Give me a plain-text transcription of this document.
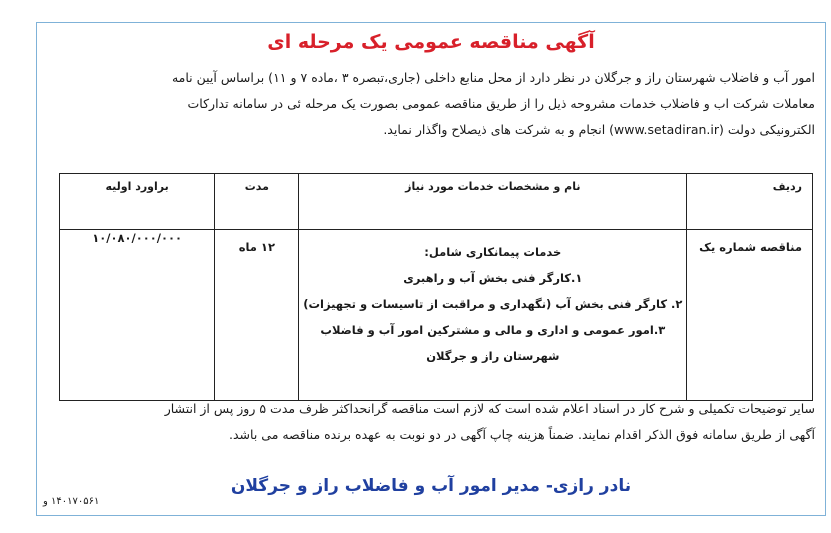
آگهی مناقصه عمومی یک مرحله ای
امور آب و فاضلاب شهرستان راز و جرگلان در نظر دارد از محل منابع داخلی (جاری،تبصره ۳ ،ماده ۷ و ۱۱) براساس آیین نامه
معاملات شرکت اب و فاضلاب خدمات مشروحه ذیل را از طریق مناقصه عمومی بصورت یک مرحله ئی در سامانه تدارکات
الکترونیکی دولت (www.setadiran.ir) انجام و به شرکت های ذیصلاح واگذار نماید.
ردیف	نام و مشخصات خدمات مورد نیاز	مدت	براورد اولیه
مناقصه شماره یک	خدمات پیمانکاری شامل:
۱.کارگر فنی بخش آب و راهبری
۲. کارگر فنی بخش آب (نگهداری و مراقبت از تاسیسات و تجهیزات)
۳.امور عمومی و اداری و مالی و مشترکین امور آب و فاضلاب
شهرستان راز و جرگلان	۱۲ ماه	۱۰/۰۸۰/۰۰۰/۰۰۰
سایر توضیحات تکمیلی و شرح کار در اسناد اعلام شده است که لازم است مناقصه گرانحداکثر ظرف مدت ۵ روز پس از انتشار
آگهی از طریق سامانه فوق الذکر اقدام نمایند. ضمناً هزینه چاپ آگهی در دو نوبت به عهده برنده مناقصه می باشد.
نادر رازی- مدیر امور آب و فاضلاب راز و جرگلان
۱۴۰۱۷۰۵۶۱ و
